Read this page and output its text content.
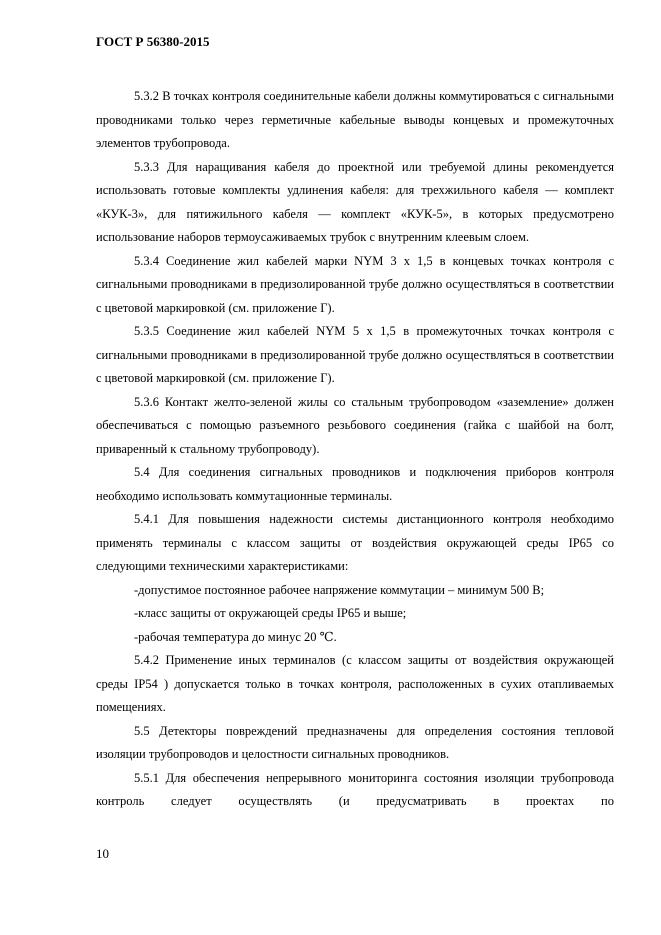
ГОСТ Р 56380-2015

5.3.2 В точках контроля соединительные кабели должны коммутироваться с сигнальными проводниками только через герметичные кабельные выводы концевых и промежуточных элементов трубопровода.

5.3.3 Для наращивания кабеля до проектной или требуемой длины рекомендуется использовать готовые комплекты удлинения кабеля: для трехжильного кабеля — комплект «КУК-3», для пятижильного кабеля — комплект «КУК-5», в которых предусмотрено использование наборов термоусаживаемых трубок с внутренним клеевым слоем.

5.3.4 Соединение жил кабелей марки NYM 3 x 1,5 в концевых точках контроля с сигнальными проводниками в предизолированной трубе должно осуществляться в соответствии с цветовой маркировкой (см. приложение Г).

5.3.5 Соединение жил кабелей NYM 5 x 1,5 в промежуточных точках контроля с сигнальными проводниками в предизолированной трубе должно осуществляться в соответствии с цветовой маркировкой (см. приложение Г).

5.3.6 Контакт желто-зеленой жилы со стальным трубопроводом «заземление» должен обеспечиваться с помощью разъемного резьбового соединения (гайка с шайбой на болт, приваренный к стальному трубопроводу).

5.4 Для соединения сигнальных проводников и подключения приборов контроля необходимо использовать коммутационные терминалы.

5.4.1 Для повышения надежности системы дистанционного контроля необходимо применять терминалы с классом защиты от воздействия окружающей среды IP65 со следующими техническими характеристиками:

-допустимое постоянное рабочее напряжение коммутации – минимум 500 В;

-класс защиты от окружающей среды IP65 и выше;

-рабочая температура до минус 20 ℃.

5.4.2 Применение иных терминалов (с классом защиты от воздействия окружающей среды IP54 ) допускается только в точках контроля, расположенных в сухих отапливаемых помещениях.

5.5 Детекторы повреждений предназначены для определения состояния тепловой изоляции трубопроводов и целостности сигнальных проводников.

5.5.1 Для обеспечения непрерывного мониторинга состояния изоляции трубопровода контроль следует осуществлять (и предусматривать в проектах по

10
